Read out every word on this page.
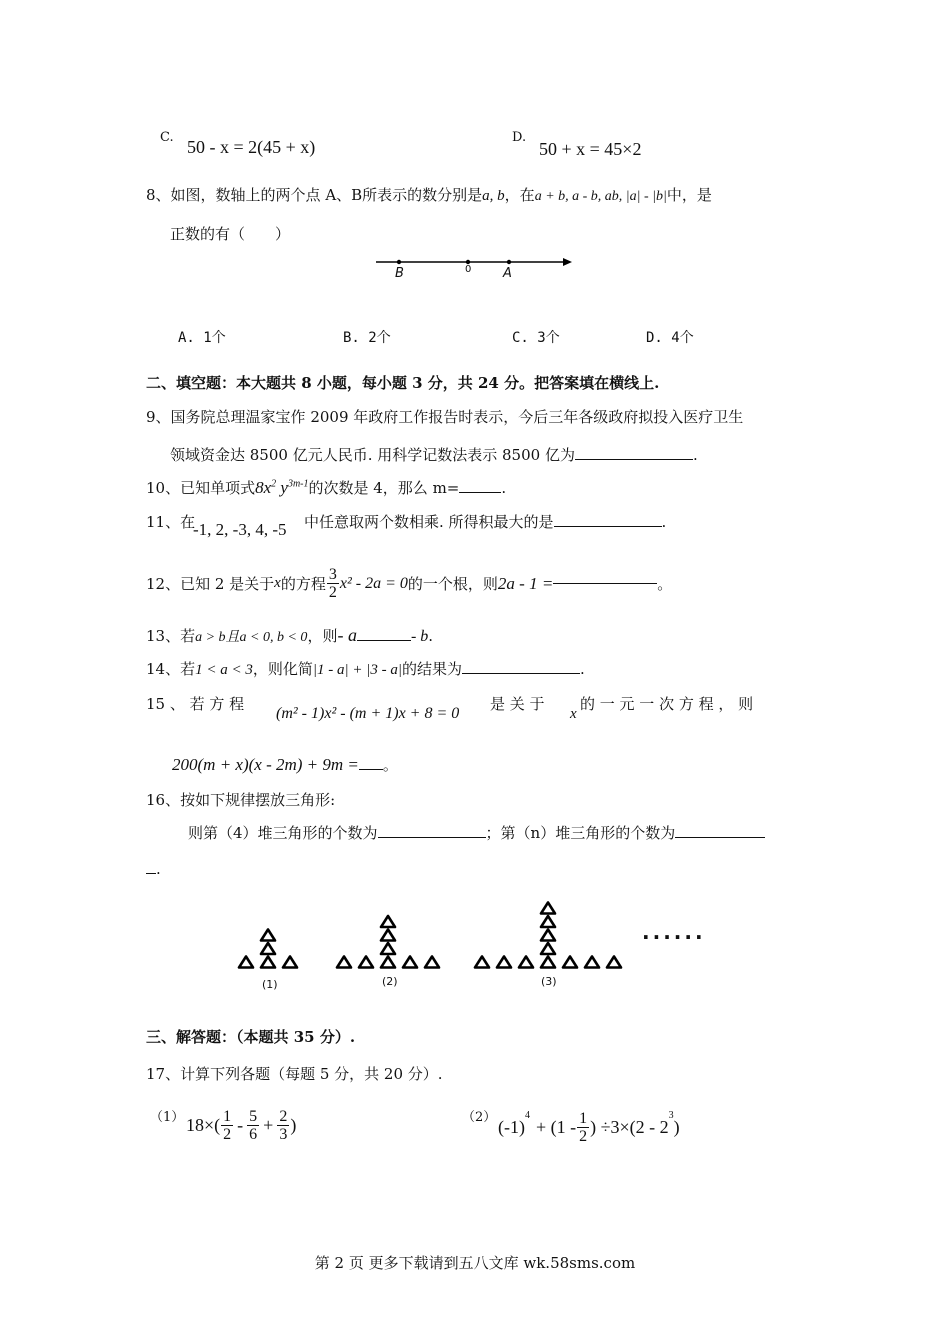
C. 50 - x = 2(45 + x)	D.
50 + x = 45×2
8、如图，数轴上的两个点 A、B所表示的数分别是a, b，在a + b, a - b, ab, |a| - |b|中，是
正数的有（　　）
B	0 A
A. 1个	B. 2个	C. 3个	D. 4个
二、填空题：本大题共 8 小题，每小题 3 分，共 24 分。把答案填在横线上.
9、国务院总理温家宝作 2009 年政府工作报告时表示，今后三年各级政府拟投入医疗卫生
领域资金达 8500 亿元人民币. 用科学记数法表示 8500 亿为	.
10、已知单项式$8x^2$ $y^{3m-1}$的次数是 4，那么 m=	.
11、在
-1, 2, -3, 4, -5 中任意取两个数相乘. 所得积最大的是	.
12、已知 2 是关于 x 的方程 $\frac{3}{2} x^2 - 2a = 0$ 的一个根，则 2a - 1 =	。
13、若a > b且a < 0, b < 0，则- a	- b.
14、若1 < a < 3，则化简|1 - a| + |3 - a|的结果为	.
15 、 若 方 程
(m² - 1)x² - (m + 1)x + 8 = 0
是 关 于
x
的 一 元 一 次 方 程 ， 则
200(m + x)(x - 2m) + 9m = 。
16、按如下规律摆放三角形:
则第（4）堆三角形的个数为	；第（n）堆三角形的个数为
.
(1)	(2)	(3)
......
三、解答题：（本题共 35 分）.
17、计算下列各题（每题 5 分，共 20 分）.
（1） $18\times( \frac{1}{2} - \frac{5}{6} + \frac{2}{3}$ )	（2） (-1)
$^4$
+ ($1 - \frac{1}{2}$ ) ÷3×(2 - 2
$^3$
)
第 2 页 更多下载请到五八文库 wk.58sms.com
